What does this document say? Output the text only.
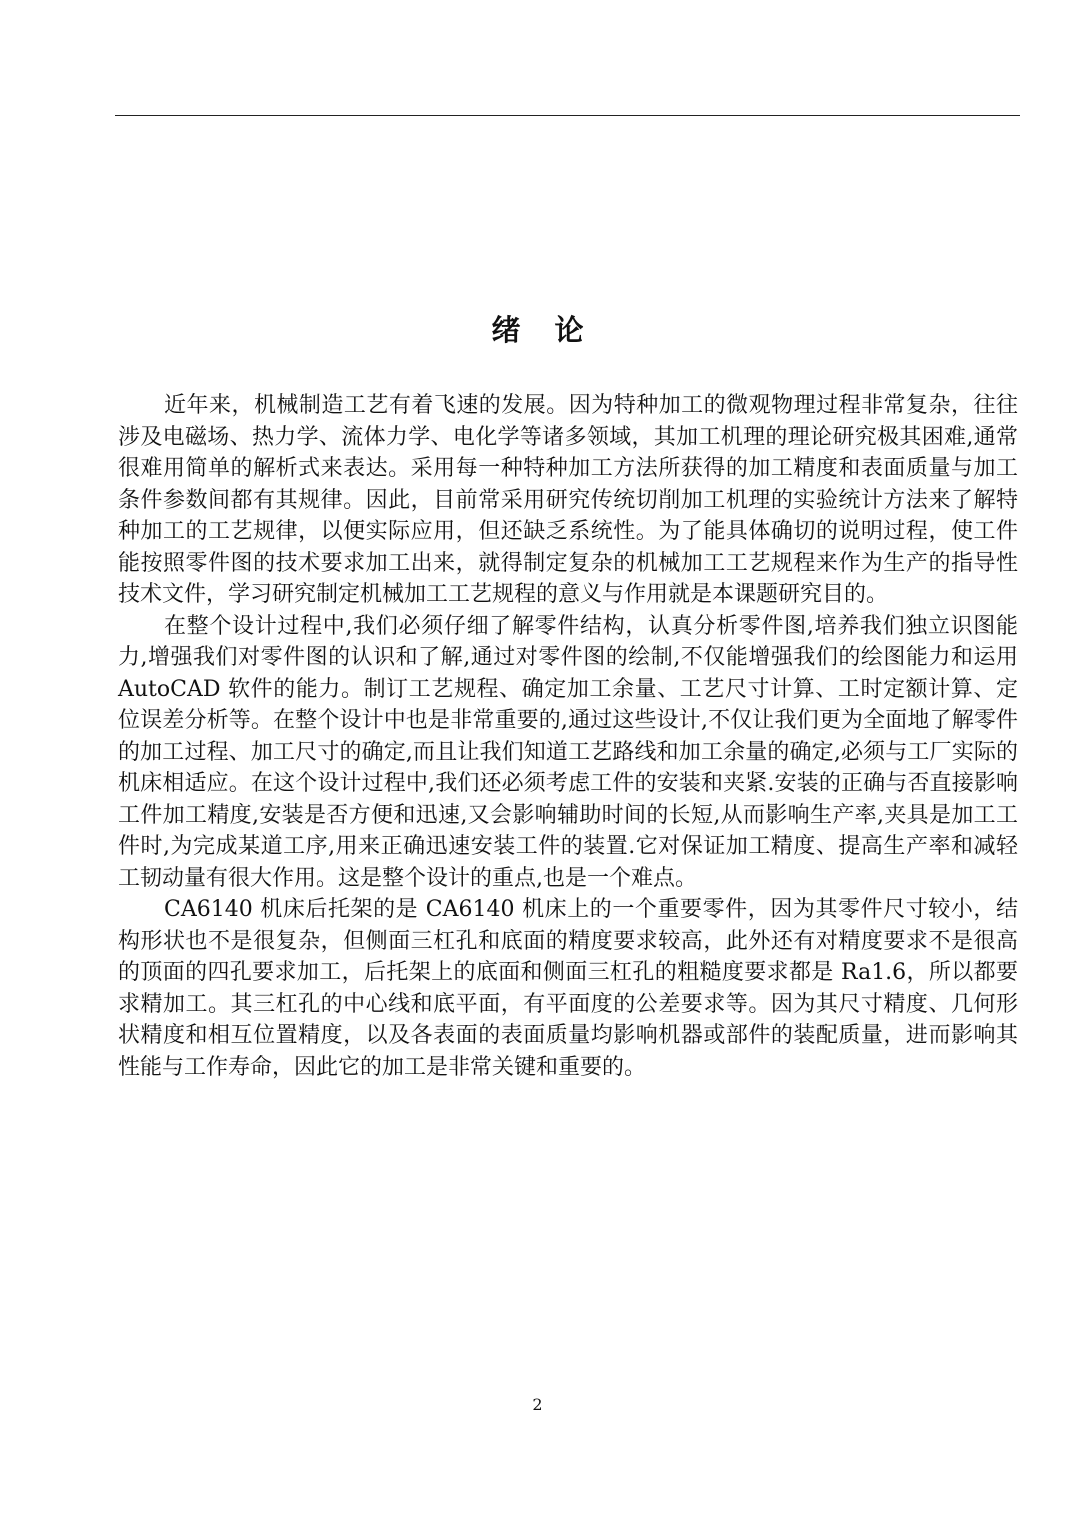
绪 论

近年来，机械制造工艺有着飞速的发展。因为特种加工的微观物理过程非常复杂，往往涉及电磁场、热力学、流体力学、电化学等诸多领域，其加工机理的理论研究极其困难,通常很难用简单的解析式来表达。采用每一种特种加工方法所获得的加工精度和表面质量与加工条件参数间都有其规律。因此，目前常采用研究传统切削加工机理的实验统计方法来了解特种加工的工艺规律，以便实际应用，但还缺乏系统性。为了能具体确切的说明过程，使工件能按照零件图的技术要求加工出来，就得制定复杂的机械加工工艺规程来作为生产的指导性技术文件，学习研究制定机械加工工艺规程的意义与作用就是本课题研究目的。

在整个设计过程中,我们必须仔细了解零件结构，认真分析零件图,培养我们独立识图能力,增强我们对零件图的认识和了解,通过对零件图的绘制,不仅能增强我们的绘图能力和运用 AutoCAD 软件的能力。制订工艺规程、确定加工余量、工艺尺寸计算、工时定额计算、定位误差分析等。在整个设计中也是非常重要的,通过这些设计,不仅让我们更为全面地了解零件的加工过程、加工尺寸的确定,而且让我们知道工艺路线和加工余量的确定,必须与工厂实际的机床相适应。在这个设计过程中,我们还必须考虑工件的安装和夹紧.安装的正确与否直接影响工件加工精度,安装是否方便和迅速,又会影响辅助时间的长短,从而影响生产率,夹具是加工工件时,为完成某道工序,用来正确迅速安装工件的装置.它对保证加工精度、提高生产率和减轻工韧动量有很大作用。这是整个设计的重点,也是一个难点。

CA6140 机床后托架的是 CA6140 机床上的一个重要零件，因为其零件尺寸较小，结构形状也不是很复杂，但侧面三杠孔和底面的精度要求较高，此外还有对精度要求不是很高的顶面的四孔要求加工，后托架上的底面和侧面三杠孔的粗糙度要求都是 Ra1.6，所以都要求精加工。其三杠孔的中心线和底平面，有平面度的公差要求等。因为其尺寸精度、几何形状精度和相互位置精度，以及各表面的表面质量均影响机器或部件的装配质量，进而影响其性能与工作寿命，因此它的加工是非常关键和重要的。

2
